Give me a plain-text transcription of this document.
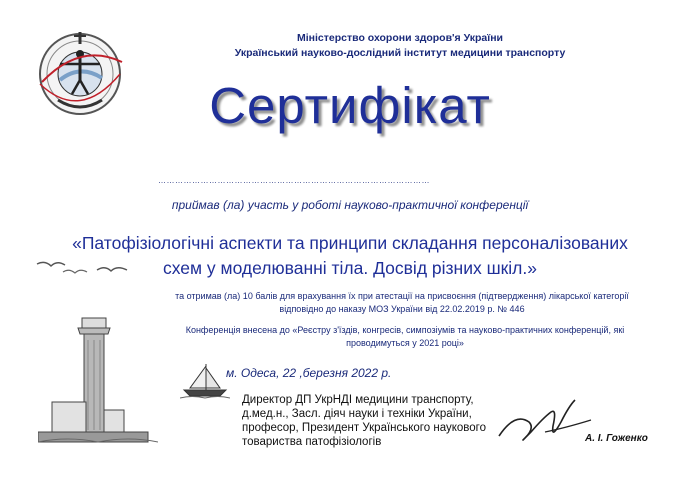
Міністерство охорони здоров'я України
Український науково-дослідний інститут медицини транспорту
Сертифікат
……………………………………………………………………………………
приймав (ла) участь у роботі науково-практичної конференції
«Патофізіологічні аспекти та принципи складання персоналізованих
схем у моделюванні тіла. Досвід різних шкіл.»
та отримав (ла) 10 балів для врахування їх при атестації на присвоєння (підтвердження) лікарської категорії
відповідно до наказу МОЗ України від 22.02.2019 р. № 446
Конференція внесена до «Реєстру з'їздів, конгресів, симпозіумів та науково-практичних конференцій, які
проводимуться у 2021 році»
м. Одеса, 22 ,березня 2022 р.
Директор ДП УкрНДІ медицини транспорту,
д.мед.н., Засл. діяч науки і техніки України,
професор, Президент Українського наукового
товариства патофізіологів	А. І. Гоженко
